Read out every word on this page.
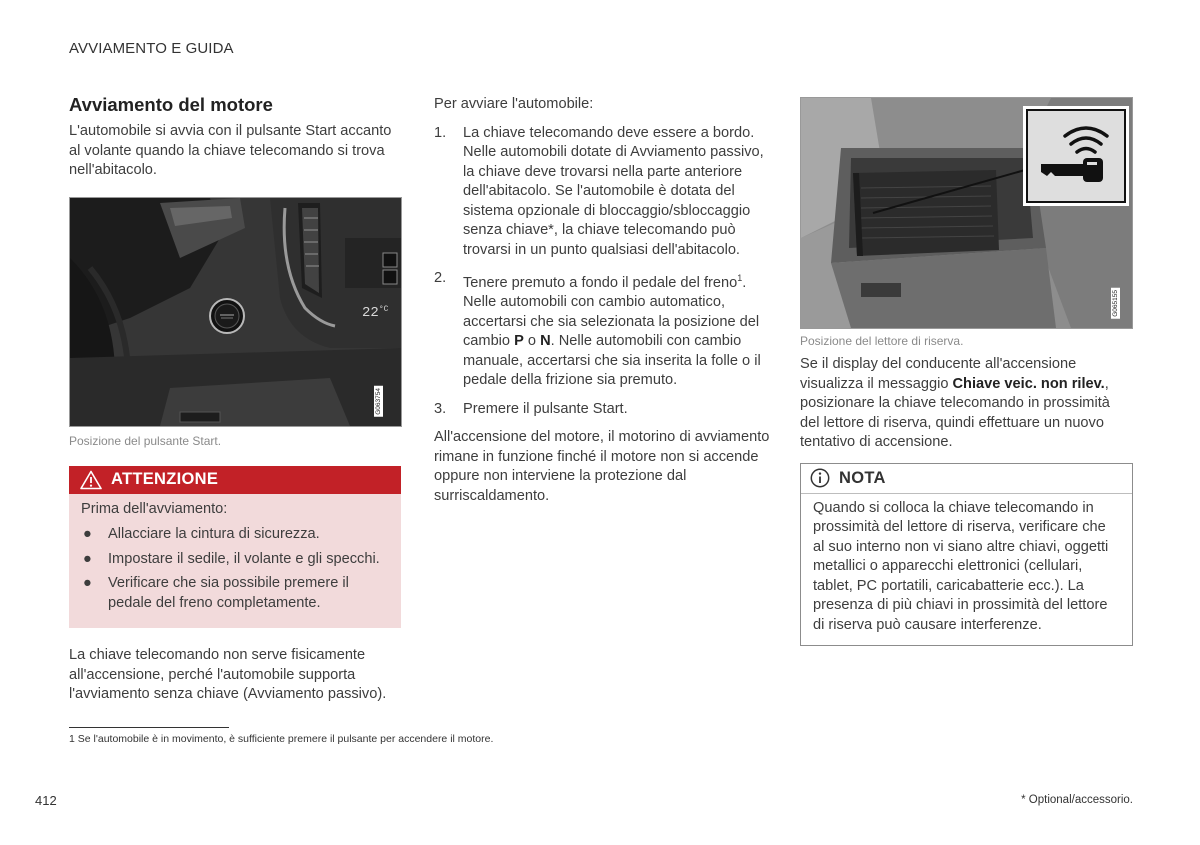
AVVIAMENTO E GUIDA
Avviamento del motore

L'automobile si avvia con il pulsante Start accanto al volante quando la chiave telecomando si trova nell'abitacolo.

$22^{^\circ C}$
G063754

Posizione del pulsante Start.

ATTENZIONE

Prima dell'avviamento:

● Allacciare la cintura di sicurezza.
● Impostare il sedile, il volante e gli specchi.
● Verificare che sia possibile premere il pedale del freno completamente.

La chiave telecomando non serve fisicamente all'accensione, perché l'automobile supporta l'avviamento senza chiave (Avviamento passivo).

Per avviare l'automobile:

1. La chiave telecomando deve essere a bordo. Nelle automobili dotate di Avviamento passivo, la chiave deve trovarsi nella parte anteriore dell'abitacolo. Se l'automobile è dotata del sistema opzionale di bloccaggio/sbloccaggio senza chiave*, la chiave telecomando può trovarsi in un punto qualsiasi dell'abitacolo.
2. Tenere premuto a fondo il pedale del freno$^1$. Nelle automobili con cambio automatico, accertarsi che sia selezionata la posizione del cambio P o N. Nelle automobili con cambio manuale, accertarsi che sia inserita la folle o il pedale della frizione sia premuto.
3. Premere il pulsante Start.

All'accensione del motore, il motorino di avviamento rimane in funzione finché il motore non si accende oppure non interviene la protezione dal surriscaldamento.

G065155

Posizione del lettore di riserva.

Se il display del conducente all'accensione visualizza il messaggio Chiave veic. non rilev., posizionare la chiave telecomando in prossimità del lettore di riserva, quindi effettuare un nuovo tentativo di accensione.

NOTA

Quando si colloca la chiave telecomando in prossimità del lettore di riserva, verificare che al suo interno non vi siano altre chiavi, oggetti metallici o apparecchi elettronici (cellulari, tablet, PC portatili, caricabatterie ecc.). La presenza di più chiavi in prossimità del lettore di riserva può causare interferenze.

1 Se l'automobile è in movimento, è sufficiente premere il pulsante per accendere il motore.
412	* Optional/accessorio.
